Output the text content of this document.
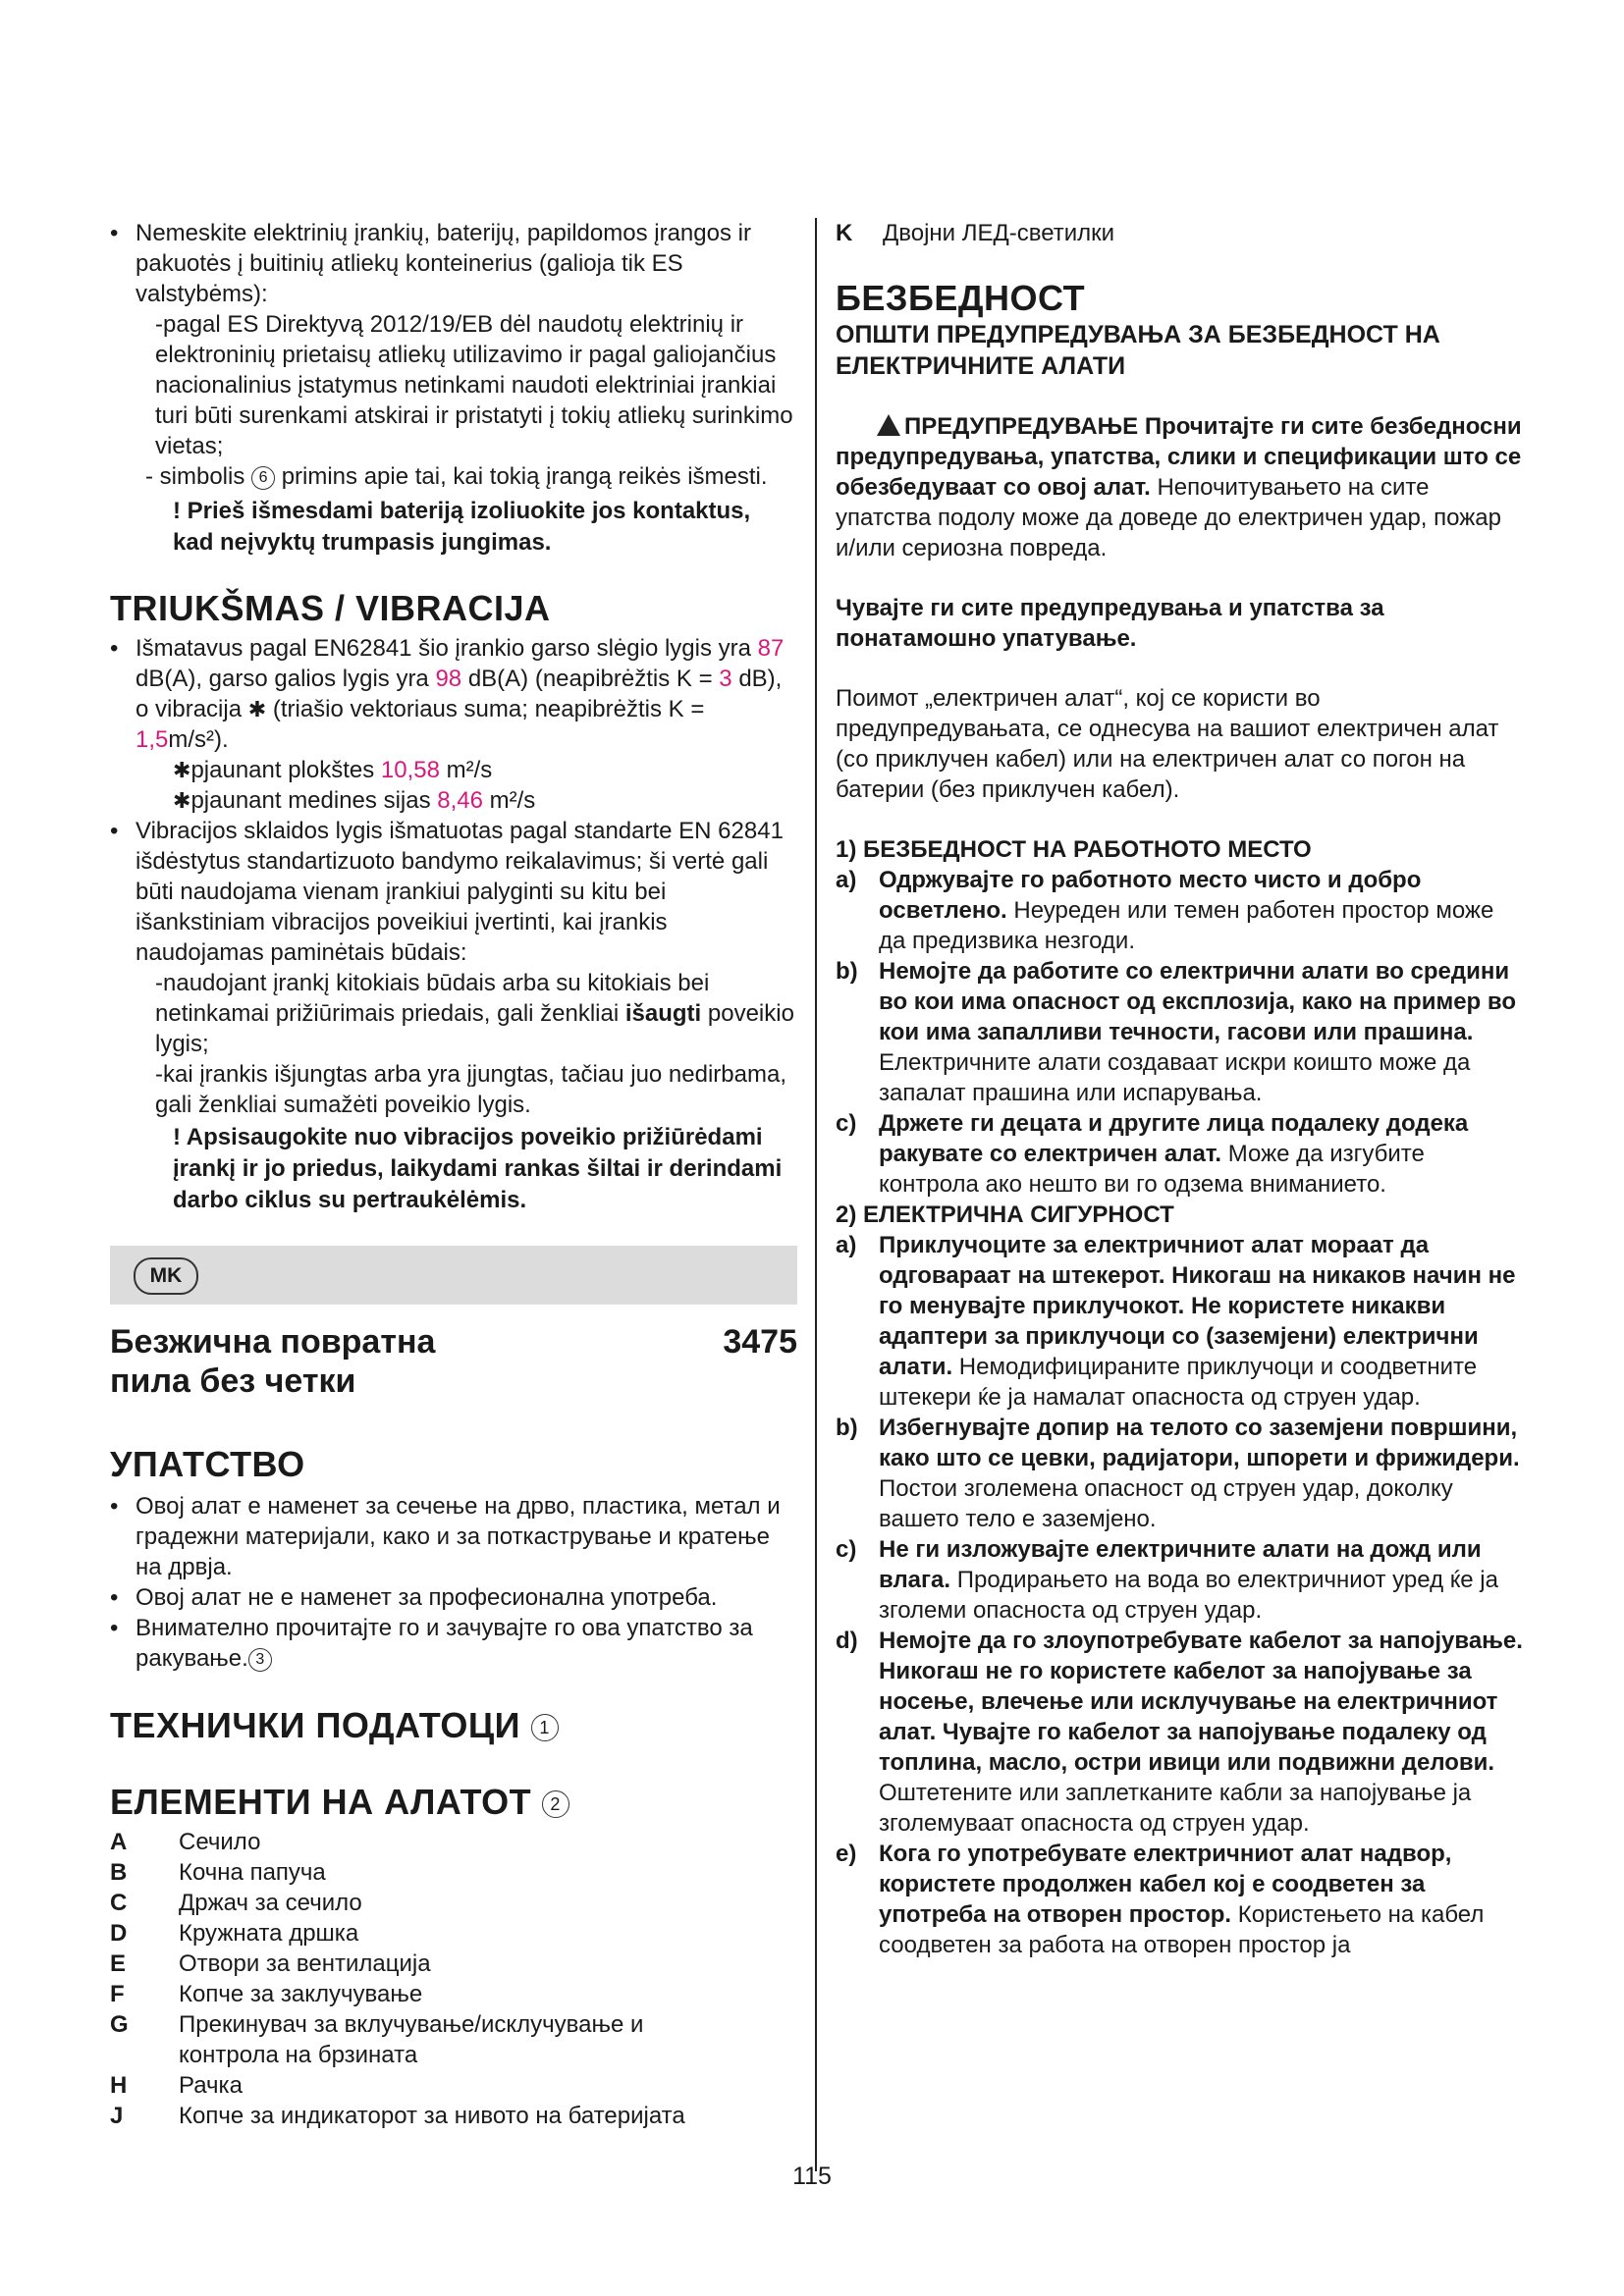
• Nemeskite elektrinių įrankių, baterijų, papildomos įrangos ir pakuotės į buitinių atliekų konteinerius (galioja tik ES valstybėms):
-pagal ES Direktyvą 2012/19/EB dėl naudotų elektrinių ir elektroninių prietaisų atliekų utilizavimo ir pagal galiojančius nacionalinius įstatymus netinkami naudoti elektriniai įrankiai turi būti surenkami atskirai ir pristatyti į tokių atliekų surinkimo vietas;
- simbolis 6 primins apie tai, kai tokią įrangą reikės išmesti.
! Prieš išmesdami bateriją izoliuokite jos kontaktus, kad neįvyktų trumpasis jungimas.
TRIUKŠMAS / VIBRACIJA
• Išmatavus pagal EN62841 šio įrankio garso slėgio lygis yra 87 dB(A), garso galios lygis yra 98 dB(A) (neapibrėžtis K = 3 dB), o vibracija ✱ (triašio vektoriaus suma; neapibrėžtis K = 1,5m/s²).
✱pjaunant plokštes 10,58 m²/s
✱pjaunant medines sijas 8,46 m²/s
• Vibracijos sklaidos lygis išmatuotas pagal standarte EN 62841 išdėstytus standartizuoto bandymo reikalavimus; ši vertė gali būti naudojama vienam įrankiui palyginti su kitu bei išankstiniam vibracijos poveikiui įvertinti, kai įrankis naudojamas paminėtais būdais:
-naudojant įrankį kitokiais būdais arba su kitokiais bei netinkamai prižiūrimais priedais, gali ženkliai išaugti poveikio lygis;
-kai įrankis išjungtas arba yra įjungtas, tačiau juo nedirbama, gali ženkliai sumažėti poveikio lygis.
! Apsisaugokite nuo vibracijos poveikio prižiūrėdami įrankį ir jo priedus, laikydami rankas šiltai ir derindami darbo ciklus su pertraukėlėmis.
MK
Безжична повратна пила без четки
3475
УПАТСТВО
• Овој алат е наменет за сечење на дрво, пластика, метал и градежни материјали, како и за поткастрување и кратење на дрвја.
• Овој алат не е наменет за професионална употреба.
• Внимателно прочитајте го и зачувајте го ова упатство за ракување. 3
ТЕХНИЧКИ ПОДАТОЦИ 1
ЕЛЕМЕНТИ НА АЛАТОТ 2
A	Сечило
B	Кочна папуча
C	Држач за сечило
D	Кружната дршка
E	Отвори за вентилација
F	Копче за заклучување
G	Прекинувач за вклучување/исклучување и контрола на брзината
H	Рачка
J	Копче за индикаторот за нивото на батеријата
K	Двојни ЛЕД-светилки
БЕЗБЕДНОСТ
ОПШТИ ПРЕДУПРЕДУВАЊА ЗА БЕЗБЕДНОСТ НА ЕЛЕКТРИЧНИТЕ АЛАТИ

ПРЕДУПРЕДУВАЊЕ Прочитајте ги сите безбедносни предупредувања, упатства, слики и спецификации што се обезбедуваат со овој алат. Непочитувањето на сите упатства подолу може да доведе до електричен удар, пожар и/или сериозна повреда.

Чувајте ги сите предупредувања и упатства за понатамошно упатување.

Поимот „електричен алат“, кој се користи во предупредувањата, се однесува на вашиот електричен алат (со приклучен кабел) или на електричен алат со погон на батерии (без приклучен кабел).

1) БЕЗБЕДНОСТ НА РАБОТНОТО МЕСТО
a) Одржувајте го работното место чисто и добро осветлено. Неуреден или темен работен простор може да предизвика незгоди.
b) Немојте да работите со електрични алати во средини во кои има опасност од експлозија, како на пример во кои има запалливи течности, гасови или прашина. Електричните алати создаваат искри коишто може да запалат прашина или испарувања.
c) Држете ги децата и другите лица подалеку додека ракувате со електричен алат. Може да изгубите контрола ако нешто ви го одзема вниманието.
2) ЕЛЕКТРИЧНА СИГУРНОСТ
a) Приклучоците за електричниот алат мораат да одговараат на штекерот. Никогаш на никаков начин не го менувајте приклучокот. Не користете никакви адаптери за приклучоци со (заземјени) електрични алати. Немодифицираните приклучоци и соодветните штекери ќе ја намалат опасноста од струен удар.
b) Избегнувајте допир на телото со заземјени површини, како што се цевки, радијатори, шпорети и фрижидери. Постои зголемена опасност од струен удар, доколку вашето тело е заземјено.
c) Не ги изложувајте електричните алати на дожд или влага. Продирањето на вода во електричниот уред ќе ја зголеми опасноста од струен удар.
d) Немојте да го злоупотребувате кабелот за напојување. Никогаш не го користете кабелот за напојување за носење, влечење или исклучување на електричниот алат. Чувајте го кабелот за напојување подалеку од топлина, масло, остри ивици или подвижни делови. Оштетените или заплетканите кабли за напојување ја зголемуваат опасноста од струен удар.
e) Кога го употребувате електричниот алат надвор, користете продолжен кабел кој е соодветен за употреба на отворен простор. Користењето на кабел соодветен за работа на отворен простор ја
115
